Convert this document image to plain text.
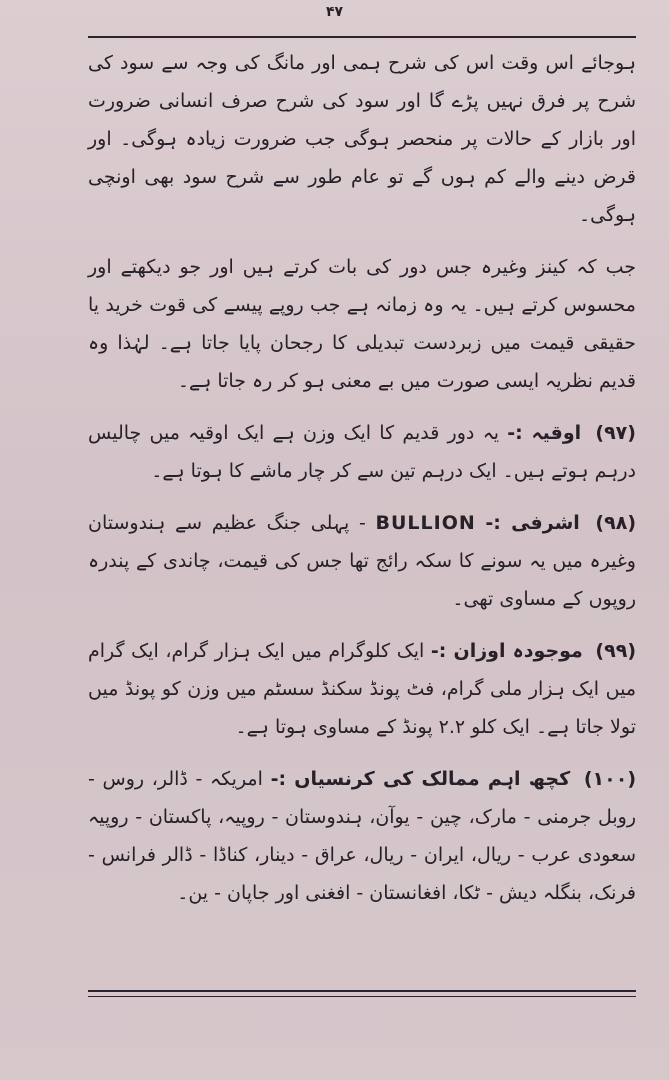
۴۷

ہوجائے اس وقت اس کی شرح ہمی اور مانگ کی وجہ سے سود کی شرح پر فرق نہیں پڑے گا اور سود کی شرح صرف انسانی ضرورت اور بازار کے حالات پر منحصر ہوگی جب ضرورت زیادہ ہوگی۔ اور قرض دینے والے کم ہوں گے تو عام طور سے شرح سود بھی اونچی ہوگی۔

جب کہ کینز وغیرہ جس دور کی بات کرتے ہیں اور جو دیکھتے اور محسوس کرتے ہیں۔ یہ وہ زمانہ ہے جب روپے پیسے کی قوت خرید یا حقیقی قیمت میں زبردست تبدیلی کا رجحان پایا جاتا ہے۔ لہٰذا وہ قدیم نظریہ ایسی صورت میں بے معنی ہو کر رہ جاتا ہے۔

(۹۷) اوقیہ :- یہ دور قدیم کا ایک وزن ہے ایک اوقیہ میں چالیس درہم ہوتے ہیں۔ ایک درہم تین سے کر چار ماشے کا ہوتا ہے۔

(۹۸) اشرفی :- BULLION - پہلی جنگ عظیم سے ہندوستان وغیرہ میں یہ سونے کا سکہ رائج تھا جس کی قیمت، چاندی کے پندرہ روپوں کے مساوی تھی۔

(۹۹) موجودہ اوزان :- ایک کلوگرام میں ایک ہزار گرام، ایک گرام میں ایک ہزار ملی گرام، فٹ پونڈ سکنڈ سسٹم میں وزن کو پونڈ میں تولا جاتا ہے۔ ایک کلو ۲.۲ پونڈ کے مساوی ہوتا ہے۔

(۱۰۰) کچھ اہم ممالک کی کرنسیاں :- امریکہ - ڈالر، روس - روبل جرمنی - مارک، چین - یوآن، ہندوستان - روپیہ، پاکستان - روپیہ سعودی عرب - ریال، ایران - ریال، عراق - دینار، کناڈا - ڈالر فرانس - فرنک، بنگلہ دیش - ٹکا، افغانستان - افغنی اور جاپان - ین۔
